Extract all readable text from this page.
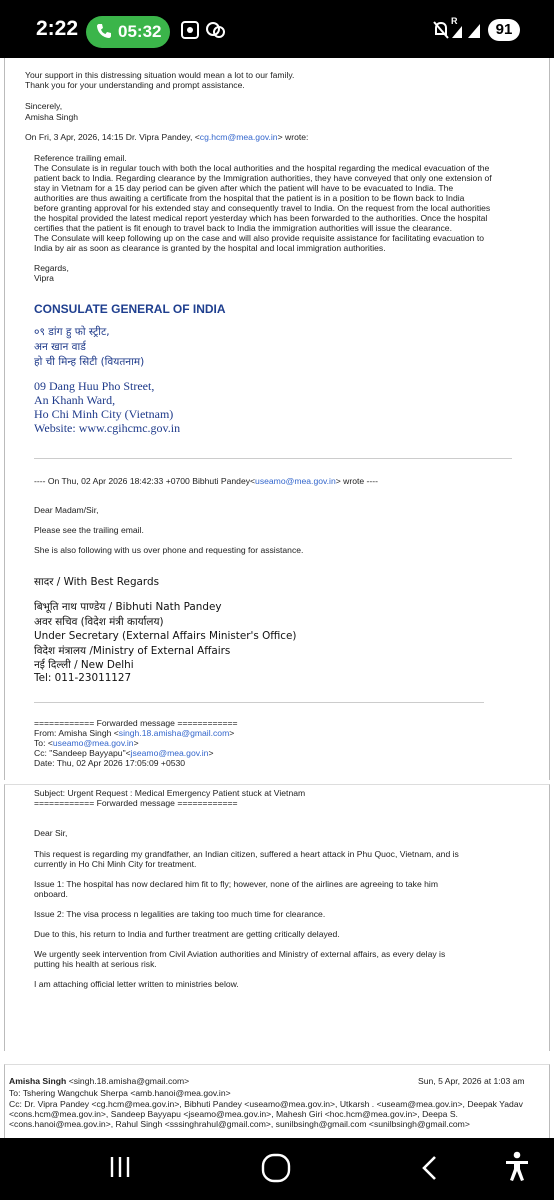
2:22 05:32
R	91
Your support in this distressing situation would mean a lot to our family.
Thank you for your understanding and prompt assistance.
Sincerely,
Amisha Singh
On Fri, 3 Apr, 2026, 14:15 Dr. Vipra Pandey, <cg.hcm@mea.gov.in> wrote:
Reference trailing email.
The Consulate is in regular touch with both the local authorities and the hospital regarding the medical evacuation of the
patient back to India. Regarding clearance by the Immigration authorities, they have conveyed that only one extension of
stay in Vietnam for a 15 day period can be given after which the patient will have to be evacuated to India. The
authorities are thus awaiting a certificate from the hospital that the patient is in a position to be flown back to India
before granting approval for his extended stay and consequently travel to India. On the request from the local authorities
the hospital provided the latest medical report yesterday which has been forwarded to the authorities. Once the hospital
certifies that the patient is fit enough to travel back to India the immigration authorities will issue the clearance.
The Consulate will keep following up on the case and will also provide requisite assistance for facilitating evacuation to
India by air as soon as clearance is granted by the hospital and local immigration authorities.
Regards,
Vipra
CONSULATE GENERAL OF INDIA
०९ डांग हु फो स्ट्रीट,
अन खान वार्ड
हो ची मिन्ह सिटी (वियतनाम)
09 Dang Huu Pho Street,
An Khanh Ward,
Ho Chi Minh City (Vietnam)
Website: www.cgihcmc.gov.in
---- On Thu, 02 Apr 2026 18:42:33 +0700 Bibhuti Pandey<useamo@mea.gov.in> wrote ----
Dear Madam/Sir,
Please see the trailing email.
She is also following with us over phone and requesting for assistance.
सादर / With Best Regards
बिभूति नाथ पाण्डेय / Bibhuti Nath Pandey
अवर सचिव (विदेश मंत्री कार्यालय)
Under Secretary (External Affairs Minister's Office)
विदेश मंत्रालय /Ministry of External Affairs
नई दिल्ली / New Delhi
Tel: 011-23011127
============ Forwarded message ============
From: Amisha Singh <singh.18.amisha@gmail.com>
To: <useamo@mea.gov.in>
Cc: "Sandeep Bayyapu"<jseamo@mea.gov.in>
Date: Thu, 02 Apr 2026 17:05:09 +0530
Subject: Urgent Request : Medical Emergency Patient stuck at Vietnam
============ Forwarded message ============
Dear Sir,
This request is regarding my grandfather, an Indian citizen, suffered a heart attack in Phu Quoc, Vietnam, and is
currently in Ho Chi Minh City for treatment.
Issue 1: The hospital has now declared him fit to fly; however, none of the airlines are agreeing to take him
onboard.
Issue 2: The visa process n legalities are taking too much time for clearance.
Due to this, his return to India and further treatment are getting critically delayed.
We urgently seek intervention from Civil Aviation authorities and Ministry of external affairs, as every delay is
putting his health at serious risk.
I am attaching official letter written to ministries below.
Amisha Singh <singh.18.amisha@gmail.com>	Sun, 5 Apr, 2026 at 1:03 am
To: Tshering Wangchuk Sherpa <amb.hanoi@mea.gov.in>
Cc: Dr. Vipra Pandey <cg.hcm@mea.gov.in>, Bibhuti Pandey <useamo@mea.gov.in>, Utkarsh . <useam@mea.gov.in>, Deepak Yadav
<cons.hcm@mea.gov.in>, Sandeep Bayyapu <jseamo@mea.gov.in>, Mahesh Giri <hoc.hcm@mea.gov.in>, Deepa S.
<cons.hanoi@mea.gov.in>, Rahul Singh <sssinghrahul@gmail.com>, sunilbsingh@gmail.com <sunilbsingh@gmail.com>
